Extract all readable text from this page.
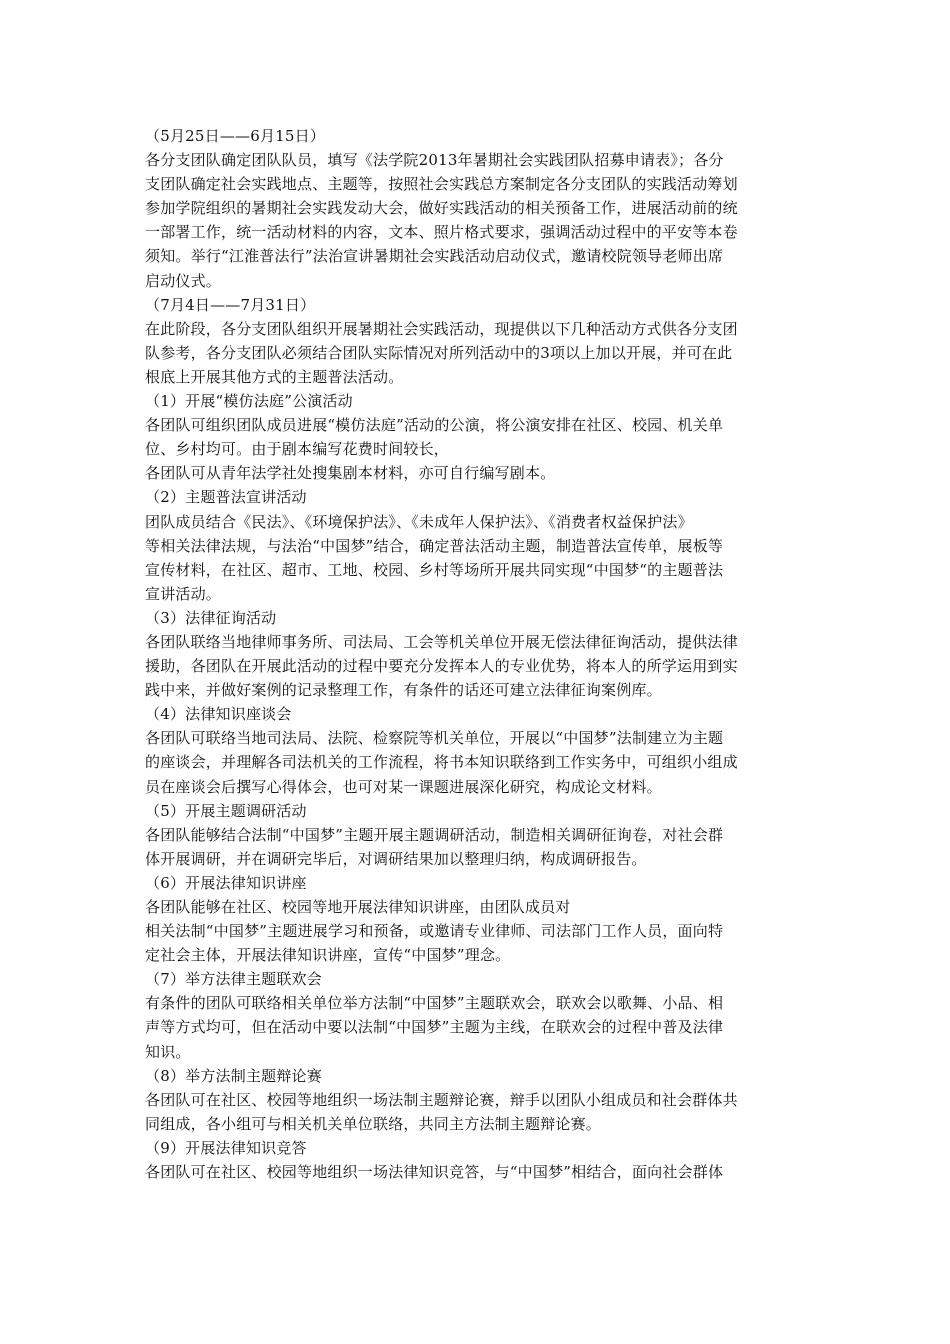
（5月25日——6月15日）
各分支团队确定团队队员，填写《法学院2013年暑期社会实践团队招募申请表》；各分
支团队确定社会实践地点、主题等，按照社会实践总方案制定各分支团队的实践活动筹划
参加学院组织的暑期社会实践发动大会，做好实践活动的相关预备工作，进展活动前的统
一部署工作，统一活动材料的内容，文本、照片格式要求，强调活动过程中的平安等本卷
须知。举行“江淮普法行”法治宣讲暑期社会实践活动启动仪式，邀请校院领导老师出席
启动仪式。
（7月4日——7月31日）
在此阶段，各分支团队组织开展暑期社会实践活动，现提供以下几种活动方式供各分支团
队参考，各分支团队必须结合团队实际情况对所列活动中的3项以上加以开展，并可在此
根底上开展其他方式的主题普法活动。
（1）开展“模仿法庭”公演活动
各团队可组织团队成员进展“模仿法庭”活动的公演，将公演安排在社区、校园、机关单
位、乡村均可。由于剧本编写花费时间较长，
各团队可从青年法学社处搜集剧本材料，亦可自行编写剧本。
（2）主题普法宣讲活动
团队成员结合《民法》、《环境保护法》、《未成年人保护法》、《消费者权益保护法》
等相关法律法规，与法治“中国梦”结合，确定普法活动主题，制造普法宣传单，展板等
宣传材料，在社区、超市、工地、校园、乡村等场所开展共同实现“中国梦“的主题普法
宣讲活动。
（3）法律征询活动
各团队联络当地律师事务所、司法局、工会等机关单位开展无偿法律征询活动，提供法律
援助，各团队在开展此活动的过程中要充分发挥本人的专业优势，将本人的所学运用到实
践中来，并做好案例的记录整理工作，有条件的话还可建立法律征询案例库。
（4）法律知识座谈会
各团队可联络当地司法局、法院、检察院等机关单位，开展以“中国梦”法制建立为主题
的座谈会，并理解各司法机关的工作流程，将书本知识联络到工作实务中，可组织小组成
员在座谈会后撰写心得体会，也可对某一课题进展深化研究，构成论文材料。
（5）开展主题调研活动
各团队能够结合法制“中国梦”主题开展主题调研活动，制造相关调研征询卷，对社会群
体开展调研，并在调研完毕后，对调研结果加以整理归纳，构成调研报告。
（6）开展法律知识讲座
各团队能够在社区、校园等地开展法律知识讲座，由团队成员对
相关法制“中国梦”主题进展学习和预备，或邀请专业律师、司法部门工作人员，面向特
定社会主体，开展法律知识讲座，宣传“中国梦”理念。
（7）举方法律主题联欢会
有条件的团队可联络相关单位举方法制“中国梦”主题联欢会，联欢会以歌舞、小品、相
声等方式均可，但在活动中要以法制“中国梦”主题为主线，在联欢会的过程中普及法律
知识。
（8）举方法制主题辩论赛
各团队可在社区、校园等地组织一场法制主题辩论赛，辩手以团队小组成员和社会群体共
同组成，各小组可与相关机关单位联络，共同主方法制主题辩论赛。
（9）开展法律知识竞答
各团队可在社区、校园等地组织一场法律知识竞答，与“中国梦”相结合，面向社会群体
